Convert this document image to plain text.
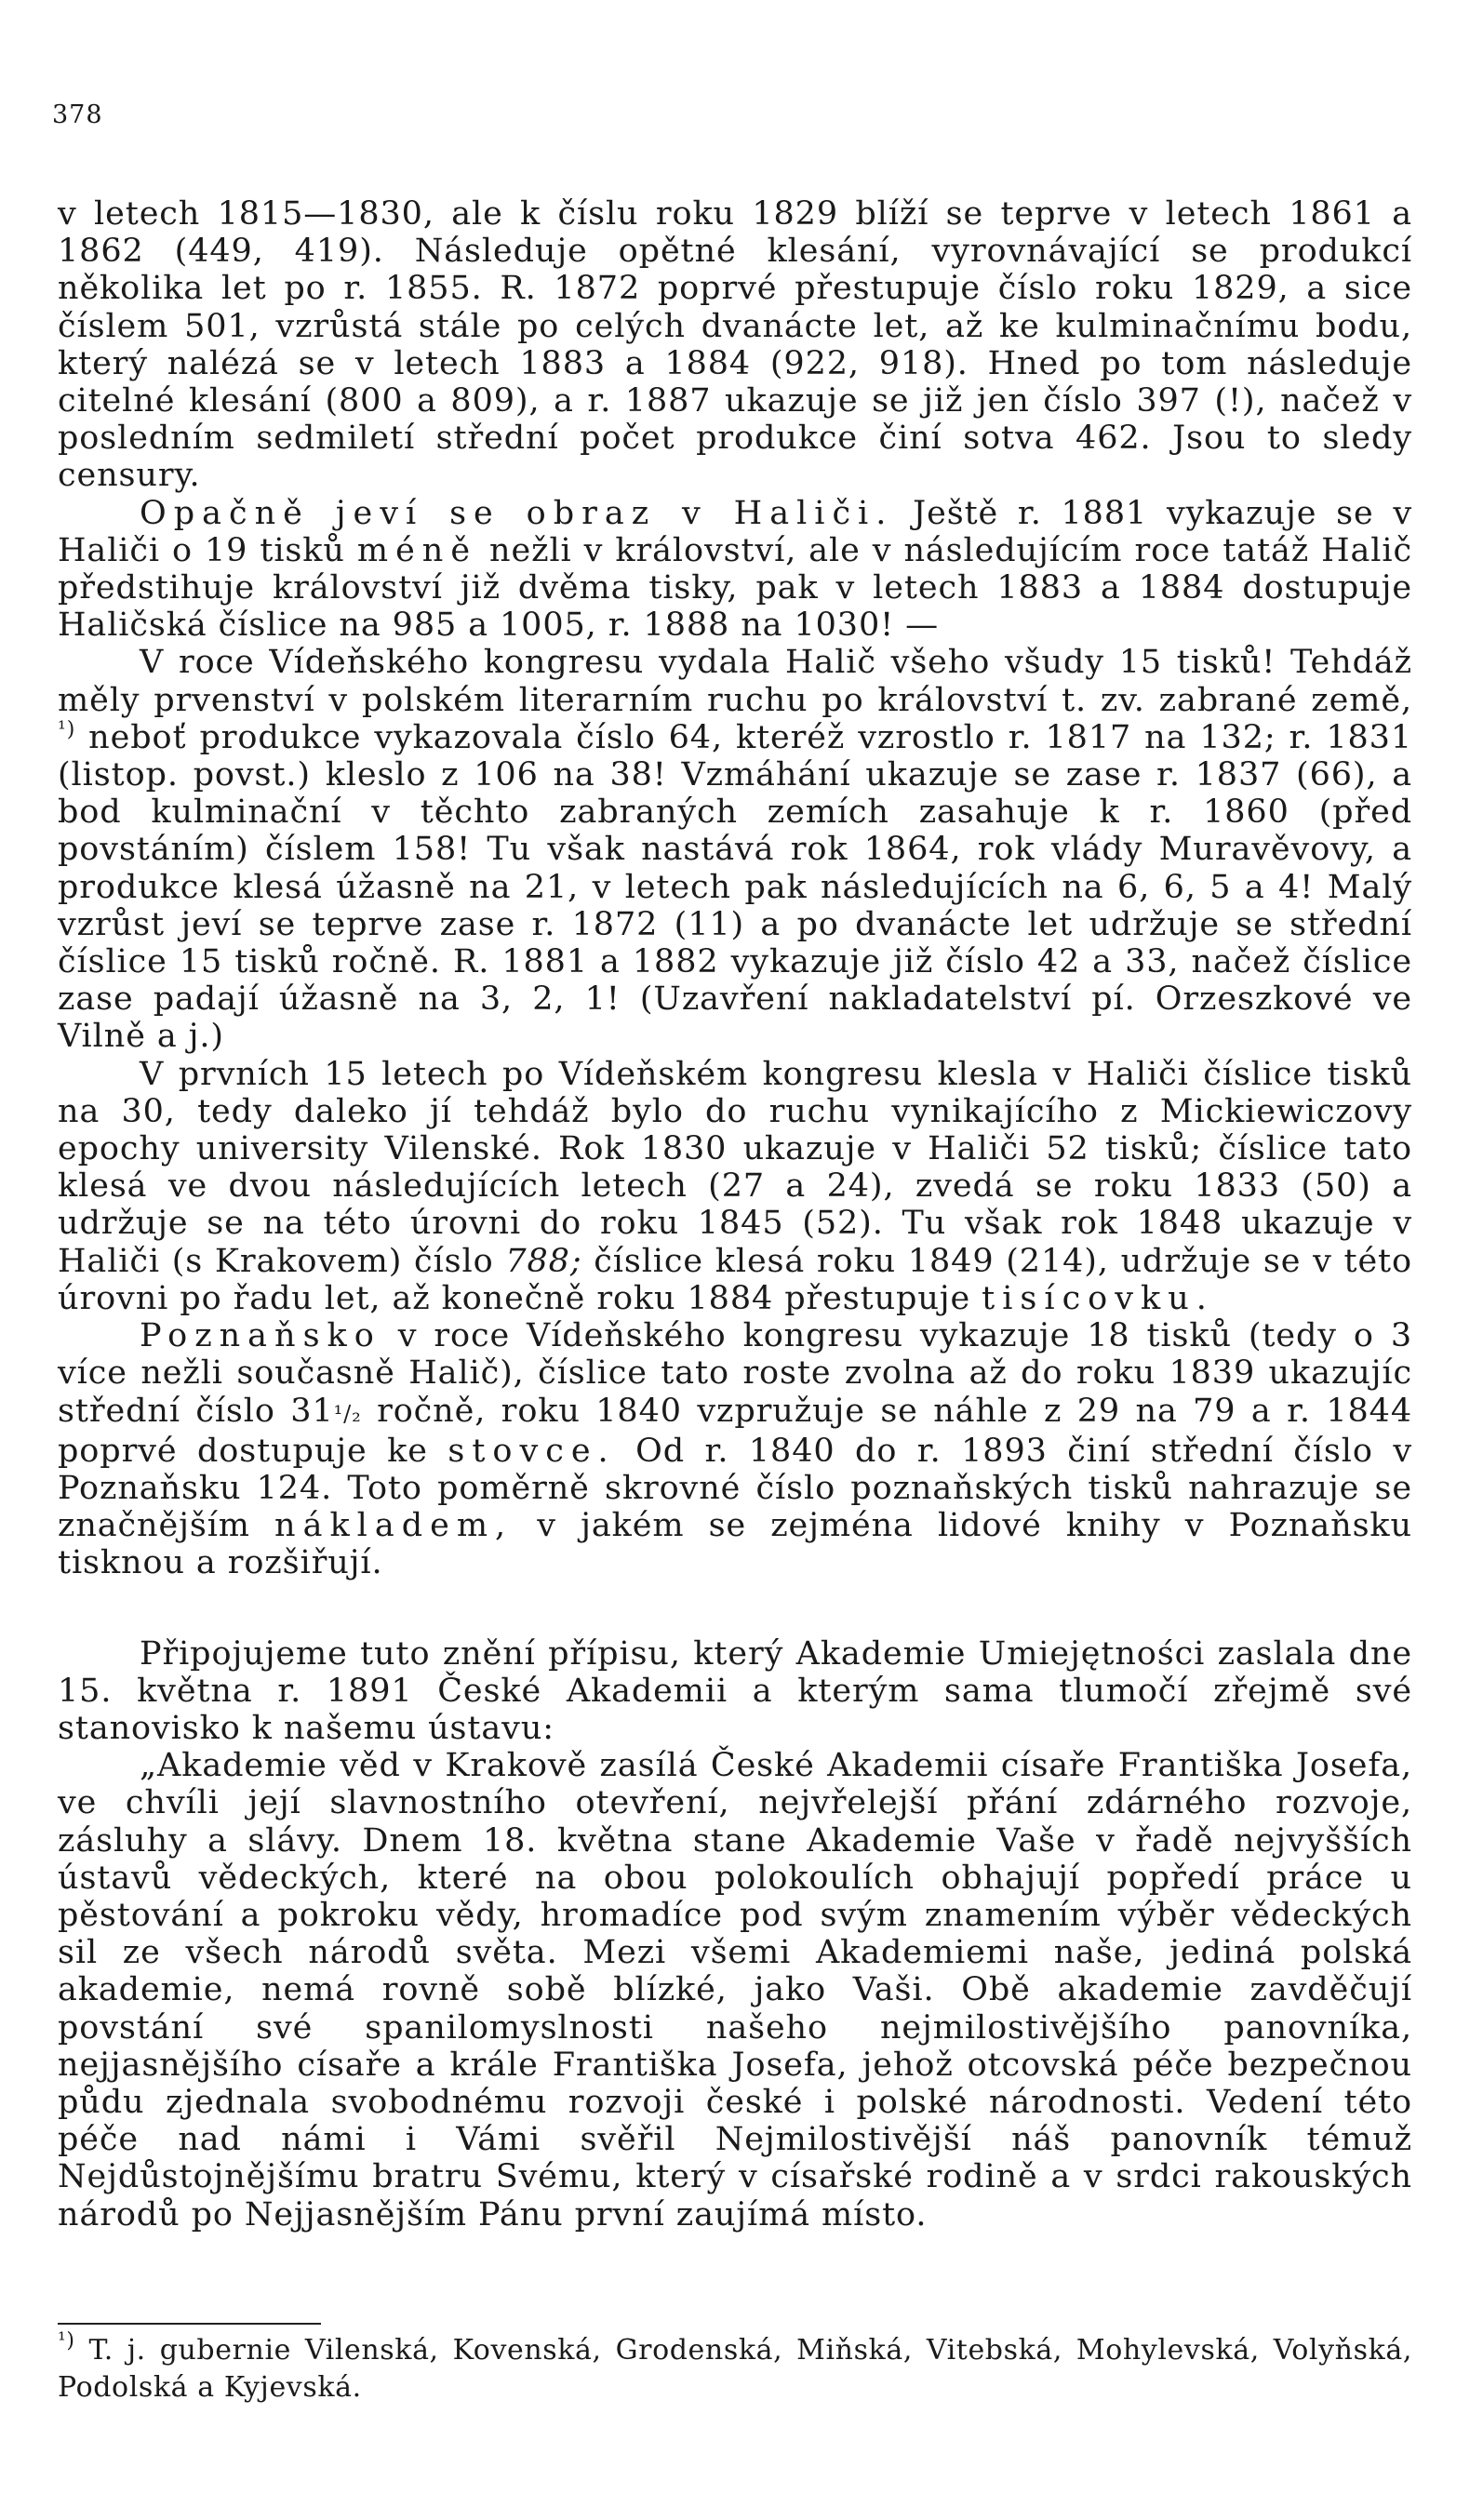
378

v letech 1815—1830, ale k číslu roku 1829 blíží se teprve v letech 1861 a 1862 (449, 419). Následuje opětné klesání, vyrovnávající se produkcí několika let po r. 1855. R. 1872 poprvé přestupuje číslo roku 1829, a sice číslem 501, vzrůstá stále po celých dvanácte let, až ke kulminačnímu bodu, který nalézá se v letech 1883 a 1884 (922, 918). Hned po tom následuje citelné klesání (800 a 809), a r. 1887 ukazuje se již jen číslo 397 (!), načež v posledním sedmiletí střední počet produkce činí sotva 462. Jsou to sledy censury.

Opačně jeví se obraz v Haliči. Ještě r. 1881 vykazuje se v Haliči o 19 tisků méně nežli v království, ale v následujícím roce tatáž Halič předstihuje království již dvěma tisky, pak v letech 1883 a 1884 dostupuje Haličská číslice na 985 a 1005, r. 1888 na 1030! —

V roce Vídeňského kongresu vydala Halič všeho všudy 15 tisků! Tehdáž měly prvenství v polském literarním ruchu po království t. zv. zabrané země, $^{^1)}$ neboť produkce vykazovala číslo 64, kteréž vzrostlo r. 1817 na 132; r. 1831 (listop. povst.) kleslo z 106 na 38! Vzmáhání ukazuje se zase r. 1837 (66), a bod kulminační v těchto zabraných zemích zasahuje k r. 1860 (před povstáním) číslem 158! Tu však nastává rok 1864, rok vlády Muravěvovy, a produkce klesá úžasně na 21, v letech pak následujících na 6, 6, 5 a 4! Malý vzrůst jeví se teprve zase r. 1872 (11) a po dvanácte let udržuje se střední číslice 15 tisků ročně. R. 1881 a 1882 vykazuje již číslo 42 a 33, načež číslice zase padají úžasně na 3, 2, 1! (Uzavření nakladatelství pí. Orzeszkové ve Vilně a j.)

V prvních 15 letech po Vídeňském kongresu klesla v Haliči číslice tisků na 30, tedy daleko jí tehdáž bylo do ruchu vynikajícího z Mickiewiczovy epochy university Vilenské. Rok 1830 ukazuje v Haliči 52 tisků; číslice tato klesá ve dvou následujících letech (27 a 24), zvedá se roku 1833 (50) a udržuje se na této úrovni do roku 1845 (52). Tu však rok 1848 ukazuje v Haliči (s Krakovem) číslo 788; číslice klesá roku 1849 (214), udržuje se v této úrovni po řadu let, až konečně roku 1884 přestupuje tisícovku.

Poznaňsko v roce Vídeňského kongresu vykazuje 18 tisků (tedy o 3 více nežli současně Halič), číslice tato roste zvolna až do roku 1839 ukazujíc střední číslo 31¹/₂ ročně, roku 1840 vzpružuje se náhle z 29 na 79 a r. 1844 poprvé dostupuje ke stovce. Od r. 1840 do r. 1893 činí střední číslo v Poznaňsku 124. Toto poměrně skrovné číslo poznaňských tisků nahrazuje se značnějším nákladem, v jakém se zejména lidové knihy v Poznaňsku tisknou a rozšiřují.

Připojujeme tuto znění přípisu, který Akademie Umiejętności zaslala dne 15. května r. 1891 České Akademii a kterým sama tlumočí zřejmě své stanovisko k našemu ústavu:

„Akademie věd v Krakově zasílá České Akademii císaře Františka Josefa, ve chvíli její slavnostního otevření, nejvřelejší přání zdárného rozvoje, zásluhy a slávy. Dnem 18. května stane Akademie Vaše v řadě nejvyšších ústavů vědeckých, které na obou polokoulích obhajují popředí práce u pěstování a pokroku vědy, hromadíce pod svým znamením výběr vědeckých sil ze všech národů světa. Mezi všemi Akademiemi naše, jediná polská akademie, nemá rovně sobě blízké, jako Vaši. Obě akademie zavděčují povstání své spanilomyslnosti našeho nejmilostivějšího panovníka, nejjasnějšího císaře a krále Františka Josefa, jehož otcovská péče bezpečnou půdu zjednala svobodnému rozvoji české i polské národnosti. Vedení této péče nad námi i Vámi svěřil Nejmilostivější náš panovník témuž Nejdůstojnějšímu bratru Svému, který v císařské rodině a v srdci rakouských národů po Nejjasnějším Pánu první zaujímá místo.

$^{^1)}$ T. j. gubernie Vilenská, Kovenská, Grodenská, Miňská, Vitebská, Mohylevská, Volyňská, Podolská a Kyjevská.
